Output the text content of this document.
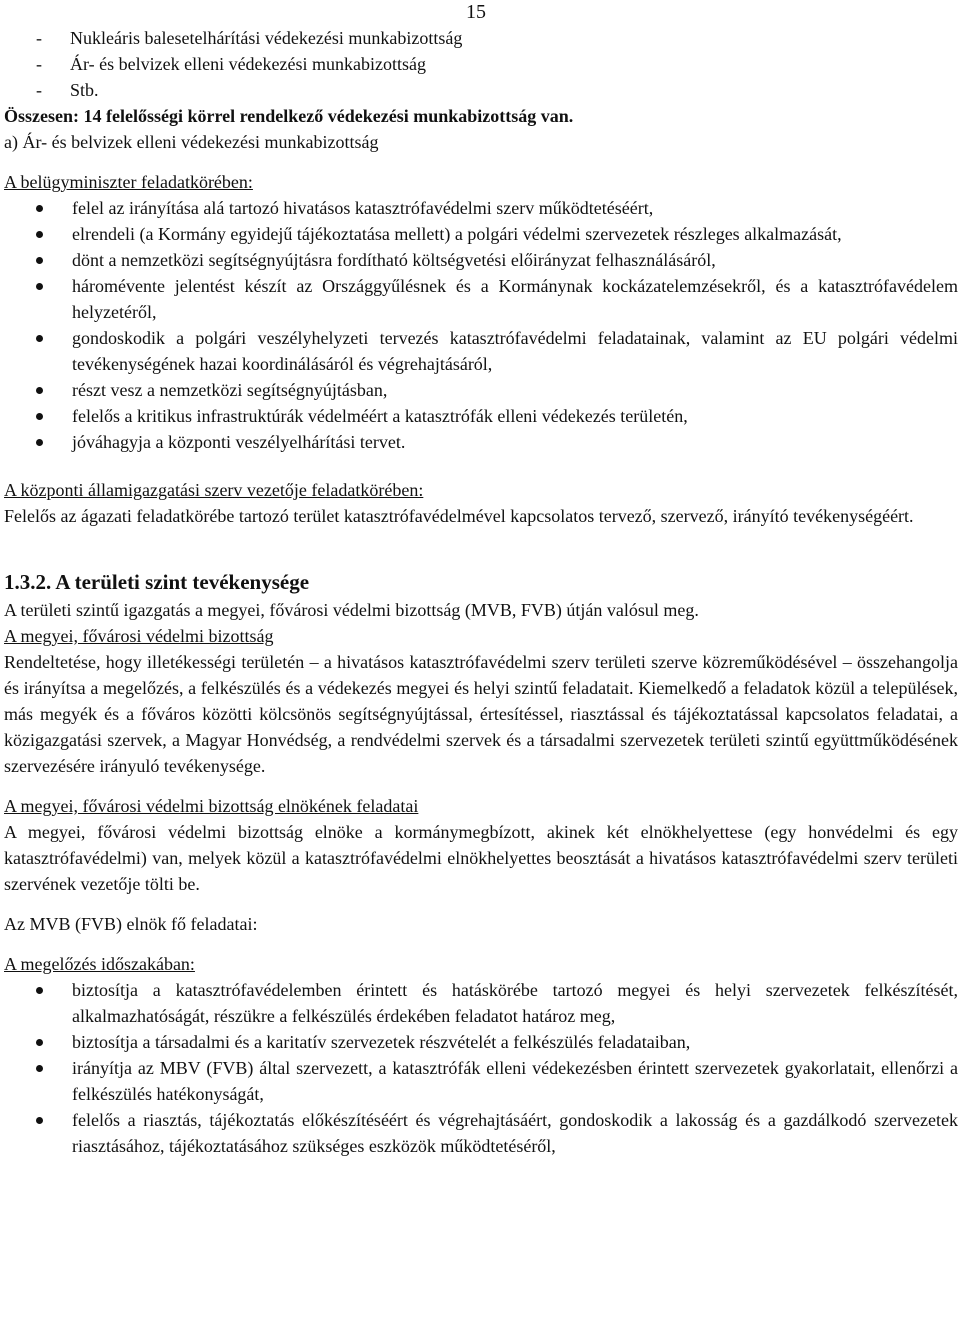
15
- Nukleáris balesetelhárítási védekezési munkabizottság
- Ár- és belvizek elleni védekezési munkabizottság
- Stb.

Összesen: 14 felelősségi körrel rendelkező védekezési munkabizottság van.

a) Ár- és belvizek elleni védekezési munkabizottság

A belügyminiszter feladatkörében:

felel az irányítása alá tartozó hivatásos katasztrófavédelmi szerv működtetéséért,
elrendeli (a Kormány egyidejű tájékoztatása mellett) a polgári védelmi szervezetek részleges alkalmazását,
dönt a nemzetközi segítségnyújtásra fordítható költségvetési előirányzat felhasználásáról,
háromévente jelentést készít az Országgyűlésnek és a Kormánynak kockázatelemzésekről, és a katasztrófavédelem helyzetéről,
gondoskodik a polgári veszélyhelyzeti tervezés katasztrófavédelmi feladatainak, valamint az EU polgári védelmi tevékenységének hazai koordinálásáról és végrehajtásáról,
részt vesz a nemzetközi segítségnyújtásban,
felelős a kritikus infrastruktúrák védelméért a katasztrófák elleni védekezés területén,
jóváhagyja a központi veszélyelhárítási tervet.

A központi államigazgatási szerv vezetője feladatkörében:

Felelős az ágazati feladatkörébe tartozó terület katasztrófavédelmével kapcsolatos tervező, szervező, irányító tevékenységéért.

1.3.2. A területi szint tevékenysége

A területi szintű igazgatás a megyei, fővárosi védelmi bizottság (MVB, FVB) útján valósul meg.

A megyei, fővárosi védelmi bizottság

Rendeltetése, hogy illetékességi területén – a hivatásos katasztrófavédelmi szerv területi szerve közreműködésével – összehangolja és irányítsa a megelőzés, a felkészülés és a védekezés megyei és helyi szintű feladatait. Kiemelkedő a feladatok közül a települések, más megyék és a főváros közötti kölcsönös segítségnyújtással, értesítéssel, riasztással és tájékoztatással kapcsolatos feladatai, a közigazgatási szervek, a Magyar Honvédség, a rendvédelmi szervek és a társadalmi szervezetek területi szintű együttműködésének szervezésére irányuló tevékenysége.

A megyei, fővárosi védelmi bizottság elnökének feladatai

A megyei, fővárosi védelmi bizottság elnöke a kormánymegbízott, akinek két elnökhelyettese (egy honvédelmi és egy katasztrófavédelmi) van, melyek közül a katasztrófavédelmi elnökhelyettes beosztását a hivatásos katasztrófavédelmi szerv területi szervének vezetője tölti be.

Az MVB (FVB) elnök fő feladatai:

A megelőzés időszakában:

biztosítja a katasztrófavédelemben érintett és hatáskörébe tartozó megyei és helyi szervezetek felkészítését, alkalmazhatóságát, részükre a felkészülés érdekében feladatot határoz meg,
biztosítja a társadalmi és a karitatív szervezetek részvételét a felkészülés feladataiban,
irányítja az MBV (FVB) által szervezett, a katasztrófák elleni védekezésben érintett szervezetek gyakorlatait, ellenőrzi a felkészülés hatékonyságát,
felelős a riasztás, tájékoztatás előkészítéséért és végrehajtásáért, gondoskodik a lakosság és a gazdálkodó szervezetek riasztásához, tájékoztatásához szükséges eszközök működtetéséről,
